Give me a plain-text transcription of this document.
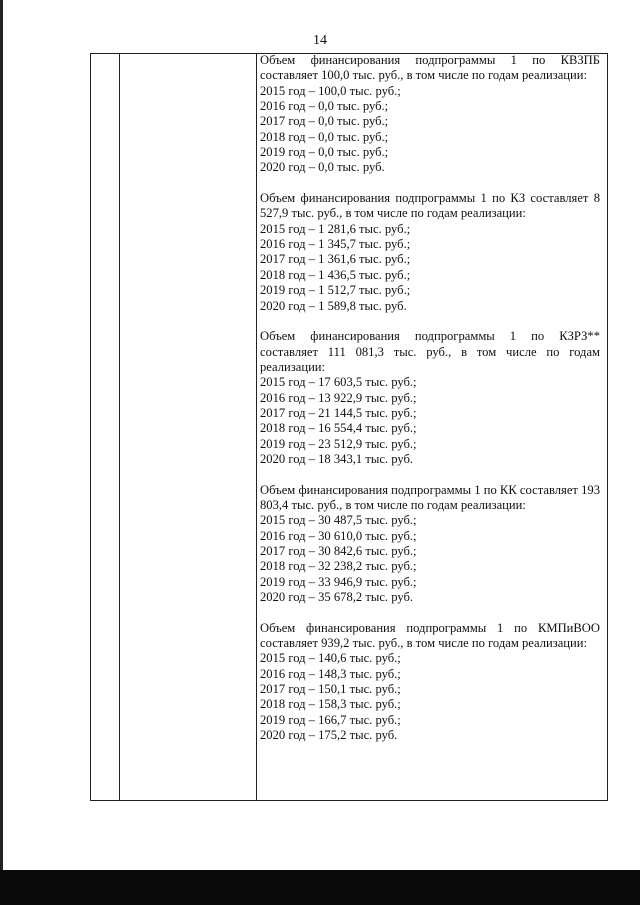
14
Объем финансирования подпрограммы 1 по КВЗПБ составляет 100,0 тыс. руб., в том числе по годам реализации:
2015 год – 100,0 тыс. руб.;
2016 год – 0,0 тыс. руб.;
2017 год – 0,0 тыс. руб.;
2018 год – 0,0 тыс. руб.;
2019 год – 0,0 тыс. руб.;
2020 год – 0,0 тыс. руб.
Объем финансирования подпрограммы 1 по КЗ составляет 8 527,9 тыс. руб., в том числе по годам реализации:
2015 год – 1 281,6 тыс. руб.;
2016 год – 1 345,7 тыс. руб.;
2017 год – 1 361,6 тыс. руб.;
2018 год – 1 436,5 тыс. руб.;
2019 год – 1 512,7 тыс. руб.;
2020 год – 1 589,8 тыс. руб.
Объем финансирования подпрограммы 1 по КЗРЗ** составляет 111 081,3 тыс. руб., в том числе по годам реализации:
2015 год – 17 603,5 тыс. руб.;
2016 год – 13 922,9 тыс. руб.;
2017 год – 21 144,5 тыс. руб.;
2018 год – 16 554,4 тыс. руб.;
2019 год – 23 512,9 тыс. руб.;
2020 год – 18 343,1 тыс. руб.
Объем финансирования подпрограммы 1 по КК составляет 193 803,4 тыс. руб., в том числе по годам реализации:
2015 год – 30 487,5 тыс. руб.;
2016 год – 30 610,0 тыс. руб.;
2017 год – 30 842,6 тыс. руб.;
2018 год – 32 238,2 тыс. руб.;
2019 год – 33 946,9 тыс. руб.;
2020 год – 35 678,2 тыс. руб.
Объем финансирования подпрограммы 1 по КМПиВОО составляет 939,2 тыс. руб., в том числе по годам реализации:
2015 год – 140,6 тыс. руб.;
2016 год – 148,3 тыс. руб.;
2017 год – 150,1 тыс. руб.;
2018 год – 158,3 тыс. руб.;
2019 год – 166,7 тыс. руб.;
2020 год – 175,2 тыс. руб.
